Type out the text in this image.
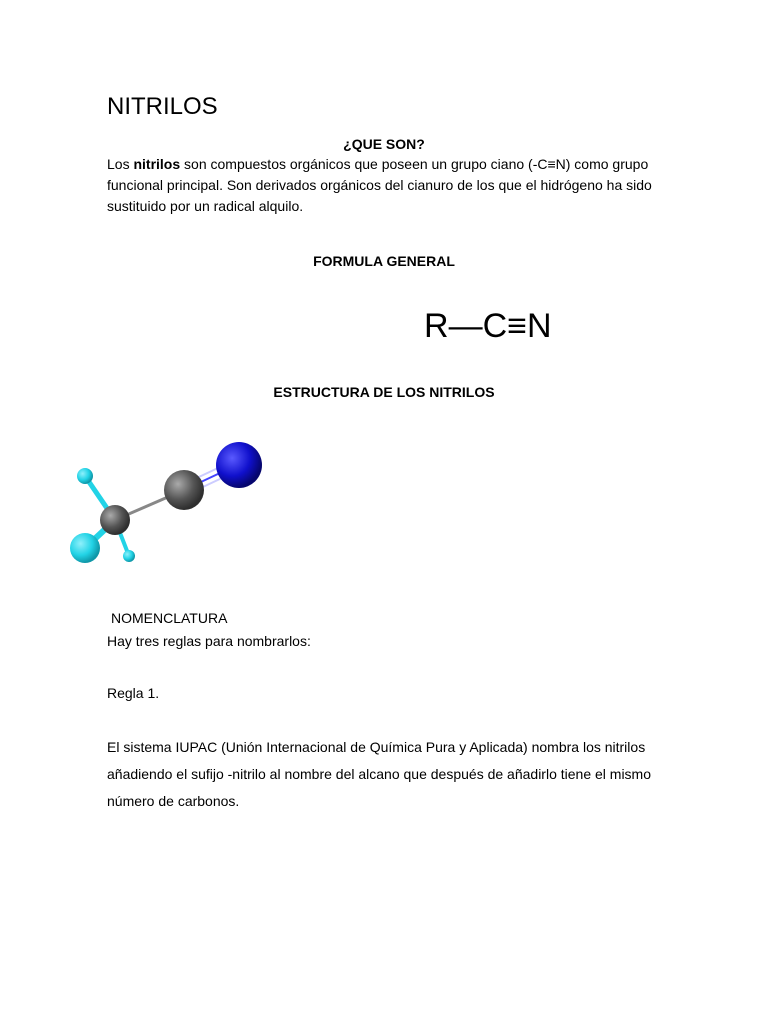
NITRILOS
¿QUE SON?
Los nitrilos son compuestos orgánicos que poseen un grupo ciano (-C≡N) como grupo funcional principal. Son derivados orgánicos del cianuro de los que el hidrógeno ha sido sustituido por un radical alquilo.
FORMULA GENERAL
R—C≡N
ESTRUCTURA DE LOS NITRILOS
NOMENCLATURA
Hay tres reglas para nombrarlos:
Regla 1.
El sistema IUPAC (Unión Internacional de Química Pura y Aplicada) nombra los nitrilos añadiendo el sufijo -nitrilo al nombre del alcano que después de añadirlo tiene el mismo número de carbonos.
